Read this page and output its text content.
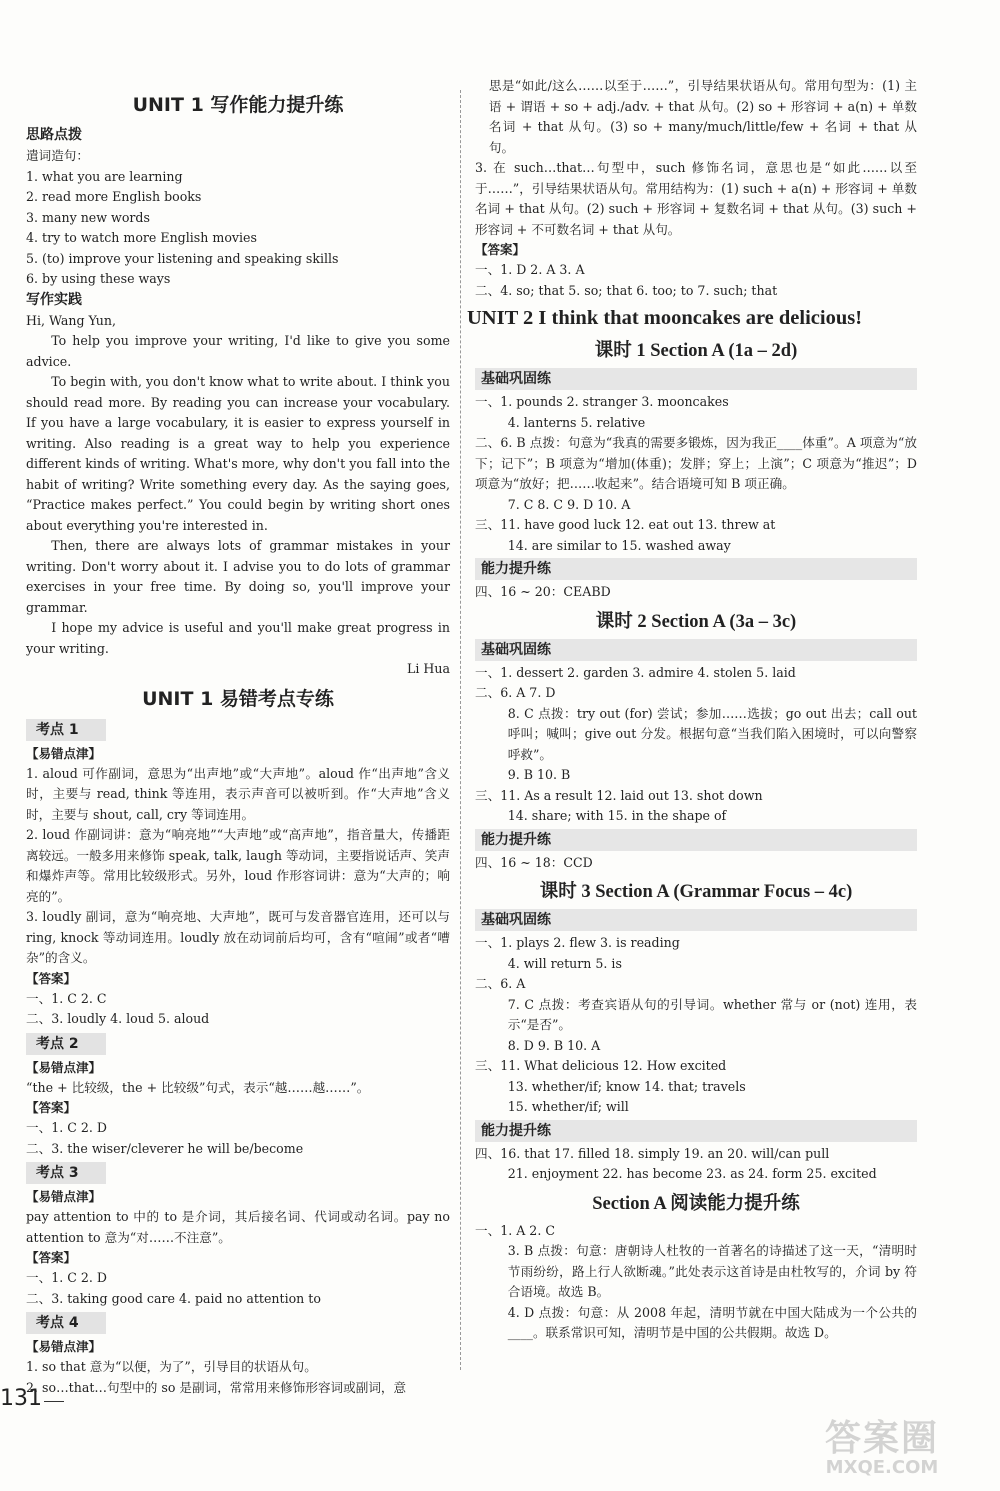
UNIT 1 写作能力提升练
思路点拨
遣词造句：
1. what you are learning
2. read more English books
3. many new words
4. try to watch more English movies
5. (to) improve your listening and speaking skills
6. by using these ways
写作实践
Hi, Wang Yun,
To help you improve your writing, I'd like to give you some advice.
To begin with, you don't know what to write about. I think you should read more. By reading you can increase your vocabulary. If you have a large vocabulary, it is easier to express yourself in writing. Also reading is a great way to help you experience different kinds of writing. What's more, why don't you fall into the habit of writing? Write something every day. As the saying goes, “Practice makes perfect.” You could begin by writing short ones about everything you're interested in.
Then, there are always lots of grammar mistakes in your writing. Don't worry about it. I advise you to do lots of grammar exercises in your free time. By doing so, you'll improve your grammar.
I hope my advice is useful and you'll make great progress in your writing.
Li Hua
UNIT 1 易错考点专练
考点 1
【易错点津】
1. aloud 可作副词，意思为“出声地”或“大声地”。aloud 作“出声地”含义时，主要与 read, think 等连用，表示声音可以被听到。作“大声地”含义时，主要与 shout, call, cry 等词连用。
2. loud 作副词讲：意为“响亮地”“大声地”或“高声地”，指音量大，传播距离较远。一般多用来修饰 speak, talk, laugh 等动词，主要指说话声、笑声和爆炸声等。常用比较级形式。另外，loud 作形容词讲：意为“大声的；响亮的”。
3. loudly 副词，意为“响亮地、大声地”，既可与发音器官连用，还可以与 ring, knock 等动词连用。loudly 放在动词前后均可，含有“喧闹”或者“嘈杂”的含义。
【答案】
一、1. C 2. C
二、3. loudly 4. loud 5. aloud
考点 2
【易错点津】
“the + 比较级，the + 比较级”句式，表示“越……越……”。
【答案】
一、1. C 2. D
二、3. the wiser/cleverer he will be/become
考点 3
【易错点津】
pay attention to 中的 to 是介词，其后接名词、代词或动名词。pay no attention to 意为“对……不注意”。
【答案】
一、1. C 2. D
二、3. taking good care 4. paid no attention to
考点 4
【易错点津】
1. so that 意为“以便，为了”，引导目的状语从句。
2. so…that…句型中的 so 是副词，常常用来修饰形容词或副词，意
思是“如此/这么……以至于……”，引导结果状语从句。常用句型为：(1) 主语 + 谓语 + so + adj./adv. + that 从句。(2) so + 形容词 + a(n) + 单数名词 + that 从句。(3) so + many/much/little/few + 名词 + that 从句。
3. 在 such…that…句型中，such 修饰名词，意思也是“如此……以至于……”，引导结果状语从句。常用结构为：(1) such + a(n) + 形容词 + 单数名词 + that 从句。(2) such + 形容词 + 复数名词 + that 从句。(3) such + 形容词 + 不可数名词 + that 从句。
【答案】
一、1. D 2. A 3. A
二、4. so; that 5. so; that 6. too; to 7. such; that
UNIT 2 I think that mooncakes are delicious!
课时 1 Section A (1a – 2d)
基础巩固练
一、1. pounds 2. stranger 3. mooncakes
4. lanterns 5. relative
二、6. B 点拨：句意为“我真的需要多锻炼，因为我正____体重”。A 项意为“放下；记下”；B 项意为“增加(体重)；发胖；穿上；上演”；C 项意为“推迟”；D 项意为“放好；把……收起来”。结合语境可知 B 项正确。
7. C 8. C 9. D 10. A
三、11. have good luck 12. eat out 13. threw at
14. are similar to 15. washed away
能力提升练
四、16 ~ 20：CEABD
课时 2 Section A (3a – 3c)
基础巩固练
一、1. dessert 2. garden 3. admire 4. stolen 5. laid
二、6. A 7. D
8. C 点拨：try out (for) 尝试；参加……选拔；go out 出去；call out 呼叫；喊叫；give out 分发。根据句意“当我们陷入困境时，可以向警察呼救”。
9. B 10. B
三、11. As a result 12. laid out 13. shot down
14. share; with 15. in the shape of
能力提升练
四、16 ~ 18：CCD
课时 3 Section A (Grammar Focus – 4c)
基础巩固练
一、1. plays 2. flew 3. is reading
4. will return 5. is
二、6. A
7. C 点拨：考查宾语从句的引导词。whether 常与 or (not) 连用，表示“是否”。
8. D 9. B 10. A
三、11. What delicious 12. How excited
13. whether/if; know 14. that; travels
15. whether/if; will
能力提升练
四、16. that 17. filled 18. simply 19. an 20. will/can pull
21. enjoyment 22. has become 23. as 24. form 25. excited
Section A 阅读能力提升练
一、1. A 2. C
3. B 点拨：句意：唐朝诗人杜牧的一首著名的诗描述了这一天，“清明时节雨纷纷，路上行人欲断魂。”此处表示这首诗是由杜牧写的，介词 by 符合语境。故选 B。
4. D 点拨：句意：从 2008 年起，清明节就在中国大陆成为一个公共的____。联系常识可知，清明节是中国的公共假期。故选 D。
131
答案圈
MXQE.COM
